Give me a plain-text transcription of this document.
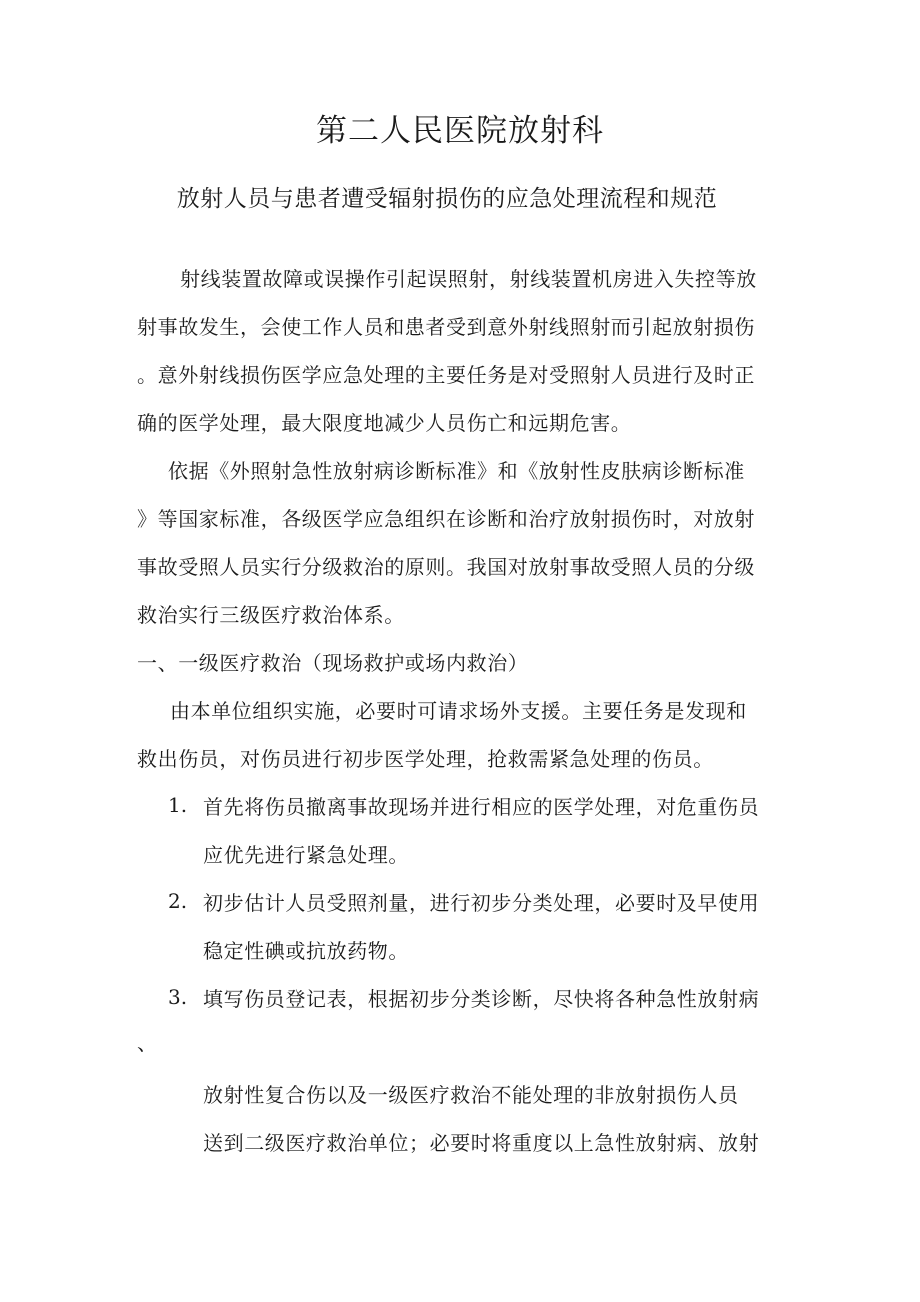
第二人民医院放射科
放射人员与患者遭受辐射损伤的应急处理流程和规范
射线装置故障或误操作引起误照射，射线装置机房进入失控等放
射事故发生，会使工作人员和患者受到意外射线照射而引起放射损伤
。意外射线损伤医学应急处理的主要任务是对受照射人员进行及时正
确的医学处理，最大限度地减少人员伤亡和远期危害。
依据《外照射急性放射病诊断标准》和《放射性皮肤病诊断标准
》等国家标准，各级医学应急组织在诊断和治疗放射损伤时，对放射
事故受照人员实行分级救治的原则。我国对放射事故受照人员的分级
救治实行三级医疗救治体系。
一、一级医疗救治（现场救护或场内救治）
由本单位组织实施，必要时可请求场外支援。主要任务是发现和
救出伤员，对伤员进行初步医学处理，抢救需紧急处理的伤员。
1. 首先将伤员撤离事故现场并进行相应的医学处理，对危重伤员
应优先进行紧急处理。
2. 初步估计人员受照剂量，进行初步分类处理，必要时及早使用
稳定性碘或抗放药物。
3. 填写伤员登记表，根据初步分类诊断，尽快将各种急性放射病
、
放射性复合伤以及一级医疗救治不能处理的非放射损伤人员
送到二级医疗救治单位；必要时将重度以上急性放射病、放射
